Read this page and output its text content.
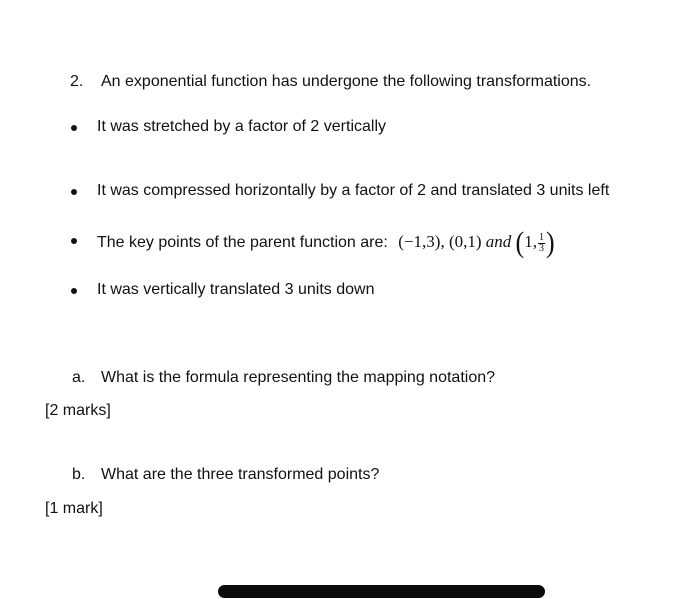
2. An exponential function has undergone the following transformations.
It was stretched by a factor of 2 vertically
It was compressed horizontally by a factor of 2 and translated 3 units left
The key points of the parent function are: (−1,3), (0,1) and (1, $\frac{1}{3}$ )
It was vertically translated 3 units down
a. What is the formula representing the mapping notation?
[2 marks]
b. What are the three transformed points?
[1 mark]
